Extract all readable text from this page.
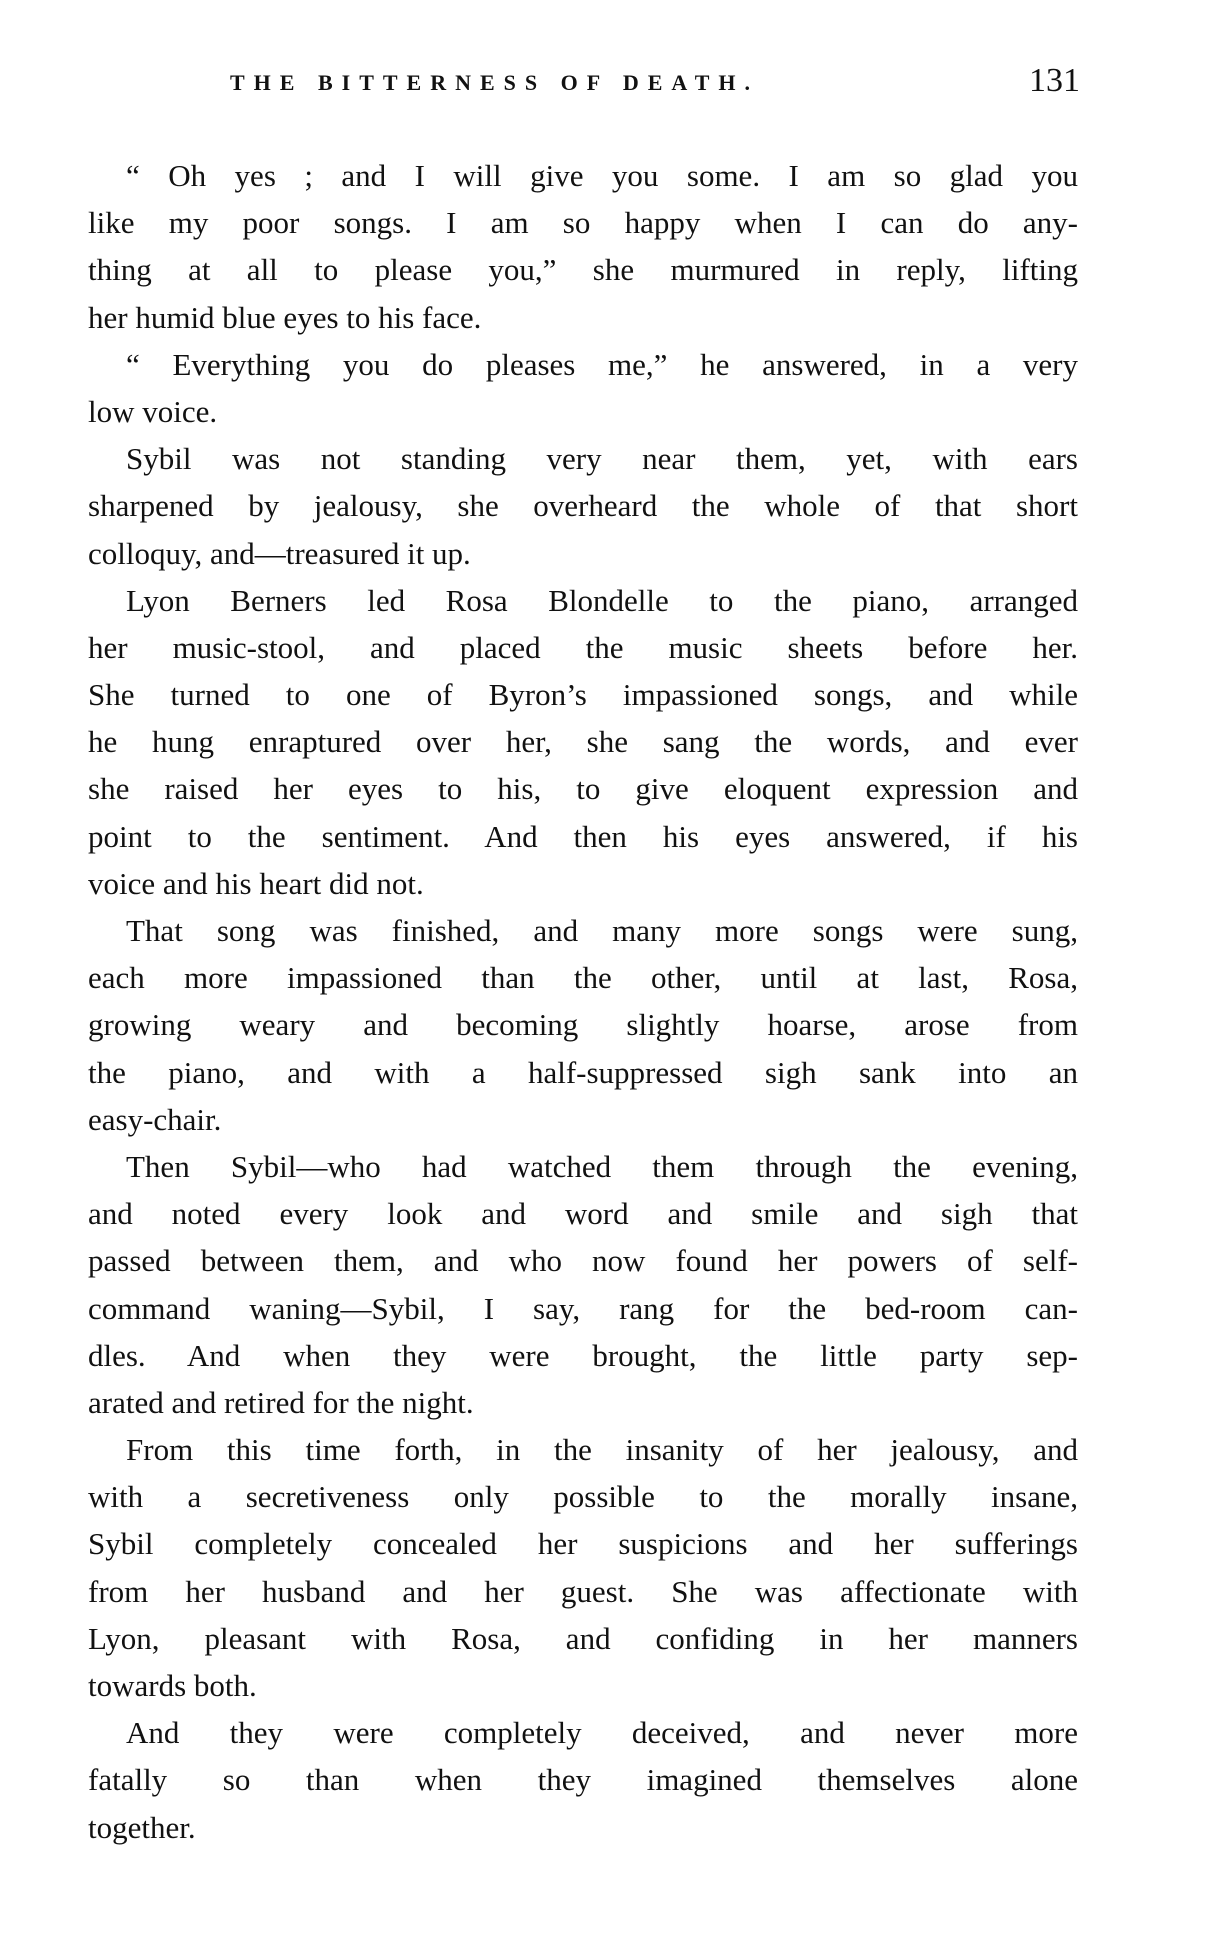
THE BITTERNESS OF DEATH.	131
“ Oh yes ; and I will give you some. I am so glad you
like my poor songs. I am so happy when I can do any-
thing at all to please you,” she murmured in reply, lifting
her humid blue eyes to his face.
“ Everything you do pleases me,” he answered, in a very
low voice.
Sybil was not standing very near them, yet, with ears
sharpened by jealousy, she overheard the whole of that short
colloquy, and—treasured it up.
Lyon Berners led Rosa Blondelle to the piano, arranged
her music-stool, and placed the music sheets before her.
She turned to one of Byron’s impassioned songs, and while
he hung enraptured over her, she sang the words, and ever
she raised her eyes to his, to give eloquent expression and
point to the sentiment. And then his eyes answered, if his
voice and his heart did not.
That song was finished, and many more songs were sung,
each more impassioned than the other, until at last, Rosa,
growing weary and becoming slightly hoarse, arose from
the piano, and with a half-suppressed sigh sank into an
easy-chair.
Then Sybil—who had watched them through the evening,
and noted every look and word and smile and sigh that
passed between them, and who now found her powers of self-
command waning—Sybil, I say, rang for the bed-room can-
dles. And when they were brought, the little party sep-
arated and retired for the night.
From this time forth, in the insanity of her jealousy, and
with a secretiveness only possible to the morally insane,
Sybil completely concealed her suspicions and her sufferings
from her husband and her guest. She was affectionate with
Lyon, pleasant with Rosa, and confiding in her manners
towards both.
And they were completely deceived, and never more
fatally so than when they imagined themselves alone
together.
